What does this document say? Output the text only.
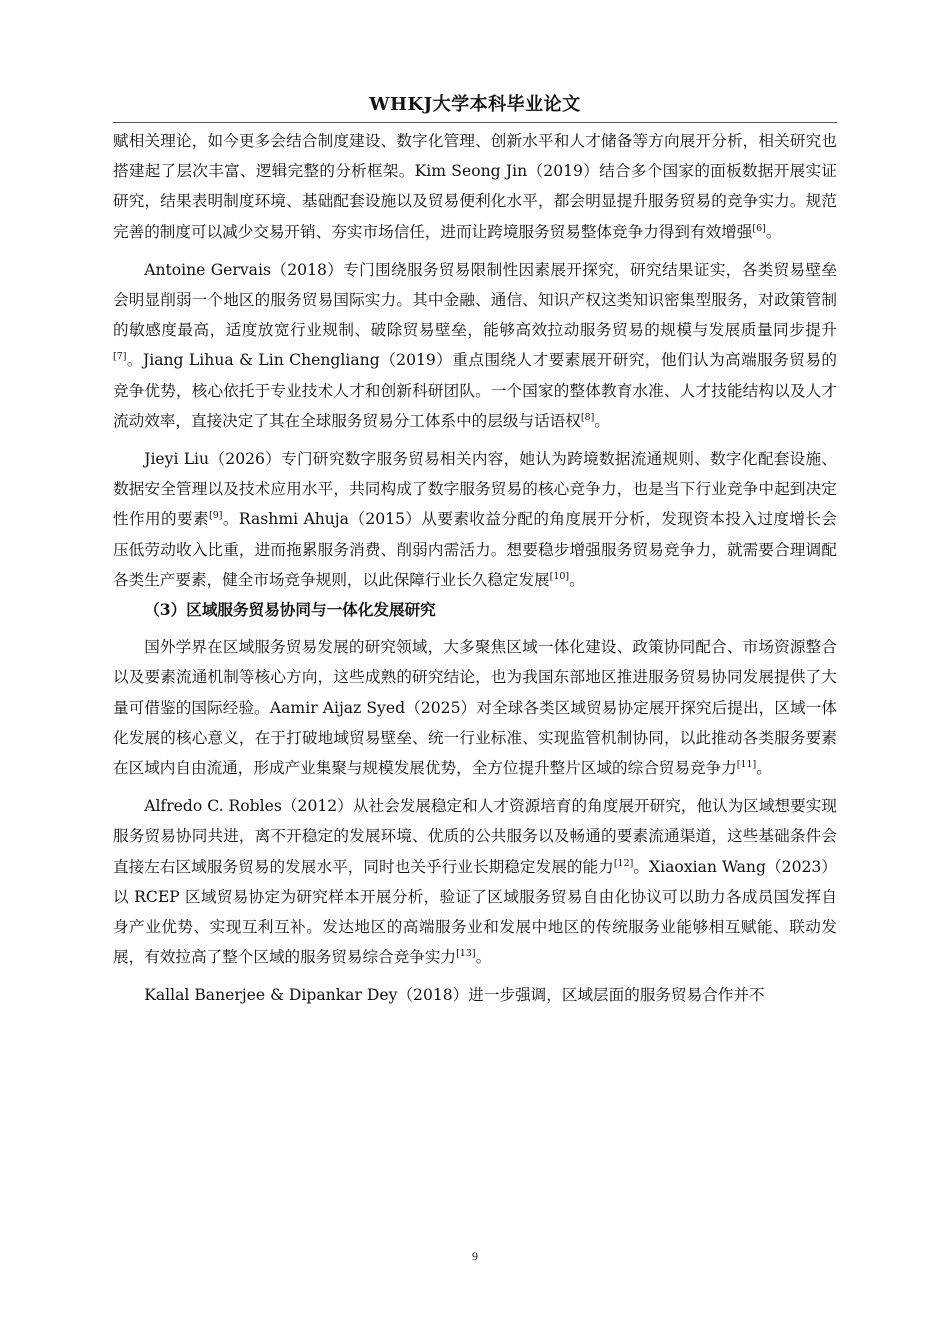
WHKJ大学本科毕业论文

赋相关理论，如今更多会结合制度建设、数字化管理、创新水平和人才储备等方向展开分析，相关研究也搭建起了层次丰富、逻辑完整的分析框架。Kim Seong Jin（2019）结合多个国家的面板数据开展实证研究，结果表明制度环境、基础配套设施以及贸易便利化水平，都会明显提升服务贸易的竞争实力。规范完善的制度可以减少交易开销、夯实市场信任，进而让跨境服务贸易整体竞争力得到有效增强[6]。

Antoine Gervais（2018）专门围绕服务贸易限制性因素展开探究，研究结果证实，各类贸易壁垒会明显削弱一个地区的服务贸易国际实力。其中金融、通信、知识产权这类知识密集型服务，对政策管制的敏感度最高，适度放宽行业规制、破除贸易壁垒，能够高效拉动服务贸易的规模与发展质量同步提升[7]。Jiang Lihua & Lin Chengliang（2019）重点围绕人才要素展开研究，他们认为高端服务贸易的竞争优势，核心依托于专业技术人才和创新科研团队。一个国家的整体教育水准、人才技能结构以及人才流动效率，直接决定了其在全球服务贸易分工体系中的层级与话语权[8]。

Jieyi Liu（2026）专门研究数字服务贸易相关内容，她认为跨境数据流通规则、数字化配套设施、数据安全管理以及技术应用水平，共同构成了数字服务贸易的核心竞争力，也是当下行业竞争中起到决定性作用的要素[9]。Rashmi Ahuja（2015）从要素收益分配的角度展开分析，发现资本投入过度增长会压低劳动收入比重，进而拖累服务消费、削弱内需活力。想要稳步增强服务贸易竞争力，就需要合理调配各类生产要素，健全市场竞争规则，以此保障行业长久稳定发展[10]。

（3）区域服务贸易协同与一体化发展研究

国外学界在区域服务贸易发展的研究领域，大多聚焦区域一体化建设、政策协同配合、市场资源整合以及要素流通机制等核心方向，这些成熟的研究结论，也为我国东部地区推进服务贸易协同发展提供了大量可借鉴的国际经验。Aamir Aijaz Syed（2025）对全球各类区域贸易协定展开探究后提出，区域一体化发展的核心意义，在于打破地域贸易壁垒、统一行业标准、实现监管机制协同，以此推动各类服务要素在区域内自由流通，形成产业集聚与规模发展优势，全方位提升整片区域的综合贸易竞争力[11]。

Alfredo C. Robles（2012）从社会发展稳定和人才资源培育的角度展开研究，他认为区域想要实现服务贸易协同共进，离不开稳定的发展环境、优质的公共服务以及畅通的要素流通渠道，这些基础条件会直接左右区域服务贸易的发展水平，同时也关乎行业长期稳定发展的能力[12]。Xiaoxian Wang（2023）以 RCEP 区域贸易协定为研究样本开展分析，验证了区域服务贸易自由化协议可以助力各成员国发挥自身产业优势、实现互利互补。发达地区的高端服务业和发展中地区的传统服务业能够相互赋能、联动发展，有效拉高了整个区域的服务贸易综合竞争实力[13]。

Kallal Banerjee & Dipankar Dey（2018）进一步强调，区域层面的服务贸易合作并不

9
